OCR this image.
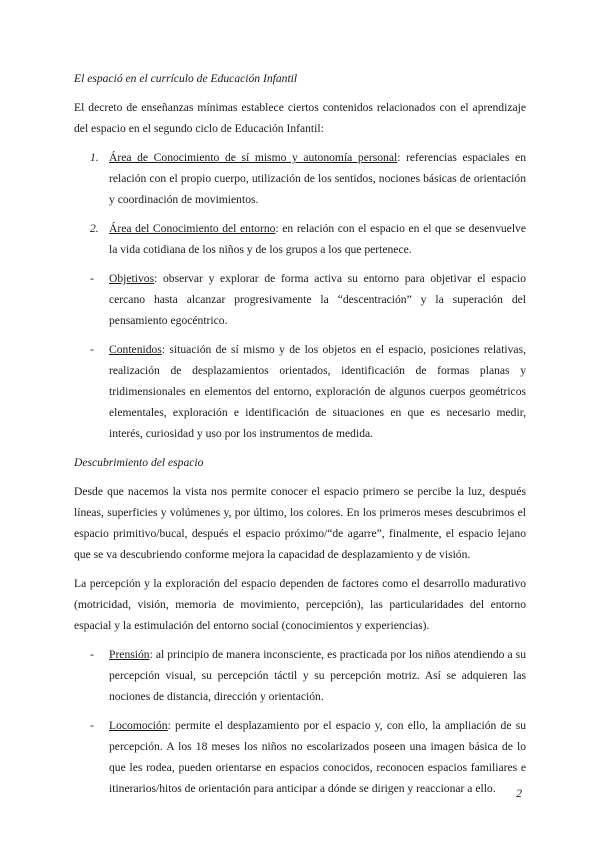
El espació en el currículo de Educación Infantil

El decreto de enseñanzas mínimas establece ciertos contenidos relacionados con el aprendizaje del espacio en el segundo ciclo de Educación Infantil:

1. Área de Conocimiento de sí mismo y autonomía personal: referencias espaciales en relación con el propio cuerpo, utilización de los sentidos, nociones básicas de orientación y coordinación de movimientos.
2. Área del Conocimiento del entorno: en relación con el espacio en el que se desenvuelve la vida cotidiana de los niños y de los grupos a los que pertenece.
- Objetivos: observar y explorar de forma activa su entorno para objetivar el espacio cercano hasta alcanzar progresivamente la “descentración” y la superación del pensamiento egocéntrico.
- Contenidos: situación de sí mismo y de los objetos en el espacio, posiciones relativas, realización de desplazamientos orientados, identificación de formas planas y tridimensionales en elementos del entorno, exploración de algunos cuerpos geométricos elementales, exploración e identificación de situaciones en que es necesario medir, interés, curiosidad y uso por los instrumentos de medida.
Descubrimiento del espacio

Desde que nacemos la vista nos permite conocer el espacio primero se percibe la luz, después líneas, superficies y volúmenes y, por último, los colores. En los primeros meses descubrimos el espacio primitivo/bucal, después el espacio próximo/“de agarre”, finalmente, el espacio lejano que se va descubriendo conforme mejora la capacidad de desplazamiento y de visión.

La percepción y la exploración del espacio dependen de factores como el desarrollo madurativo (motricidad, visión, memoria de movimiento, percepción), las particularidades del entorno espacial y la estimulación del entorno social (conocimientos y experiencias).

- Prensión: al principio de manera inconsciente, es practicada por los niños atendiendo a su percepción visual, su percepción táctil y su percepción motriz. Así se adquieren las nociones de distancia, dirección y orientación.
- Locomoción: permite el desplazamiento por el espacio y, con ello, la ampliación de su percepción. A los 18 meses los niños no escolarizados poseen una imagen básica de lo que les rodea, pueden orientarse en espacios conocidos, reconocen espacios familiares e itinerarios/hitos de orientación para anticipar a dónde se dirigen y reaccionar a ello.	2
